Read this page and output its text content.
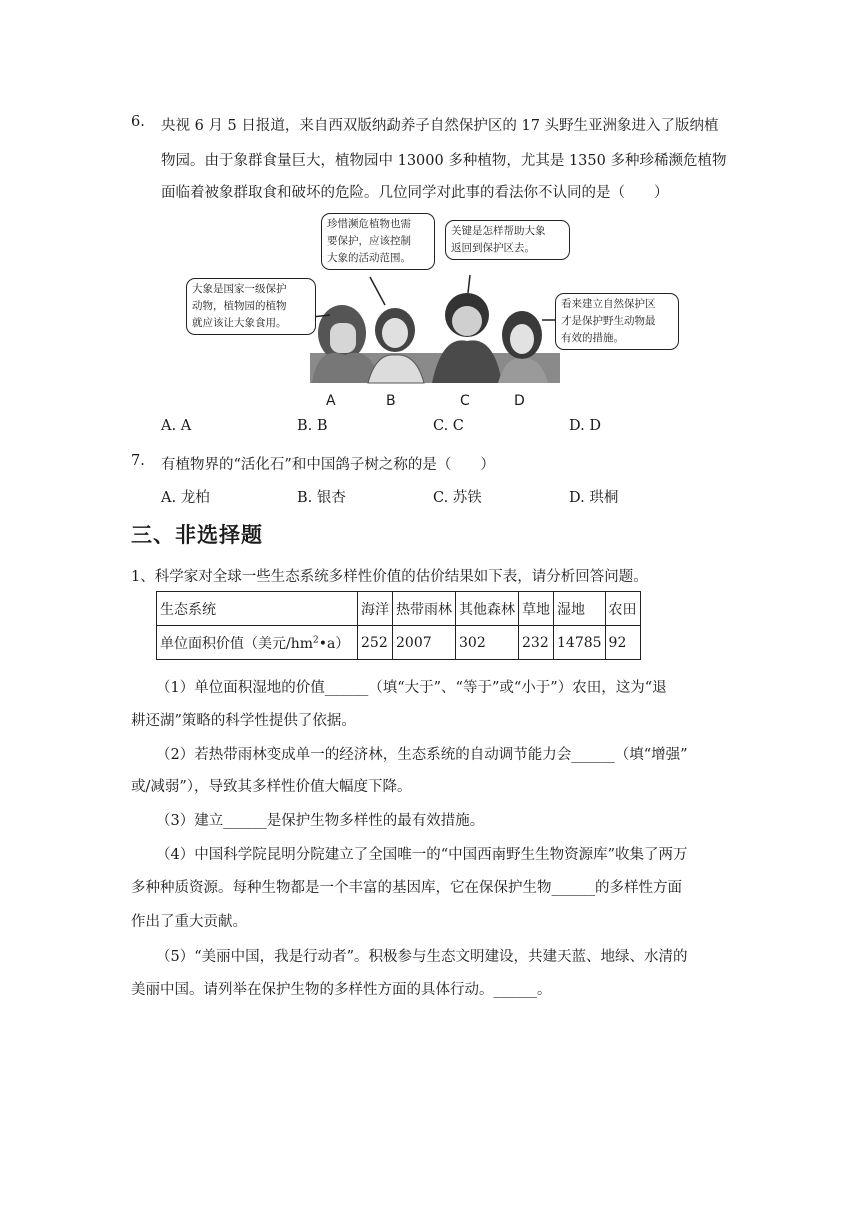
6. 央视 6 月 5 日报道，来自西双版纳勐养子自然保护区的 17 头野生亚洲象进入了版纳植
物园。由于象群食量巨大，植物园中 13000 多种植物，尤其是 1350 多种珍稀濒危植物
面临着被象群取食和破坏的危险。几位同学对此事的看法你不认同的是（　　）
大象是国家一级保护
动物，植物园的植物
就应该让大象食用。
珍惜濒危植物也需
要保护，应该控制
大象的活动范围。
关键是怎样帮助大象
返回到保护区去。
看来建立自然保护区
才是保护野生动物最
有效的措施。
A	B	C	D
A. A	B. B	C. C	D. D
7. 有植物界的“活化石”和中国鸽子树之称的是（　　）
A. 龙柏	B. 银杏	C. 苏铁	D. 珙桐
三、非选择题
1、科学家对全球一些生态系统多样性价值的估价结果如下表，请分析回答问题。
生态系统	海洋	热带雨林	其他森林	草地	湿地	农田
单位面积价值（美元$/hm^2•a$）	252	2007	302	232	14785	92
（1）单位面积湿地的价值______（填“大于”、“等于”或“小于”）农田，这为“退
耕还湖”策略的科学性提供了依据。
（2）若热带雨林变成单一的经济林，生态系统的自动调节能力会______（填“增强”
或/减弱”），导致其多样性价值大幅度下降。
（3）建立______是保护生物多样性的最有效措施。
（4）中国科学院昆明分院建立了全国唯一的“中国西南野生生物资源库”收集了两万
多种种质资源。每种生物都是一个丰富的基因库，它在保保护生物______的多样性方面
作出了重大贡献。
（5）“美丽中国，我是行动者”。积极参与生态文明建设，共建天蓝、地绿、水清的
美丽中国。请列举在保护生物的多样性方面的具体行动。______。
